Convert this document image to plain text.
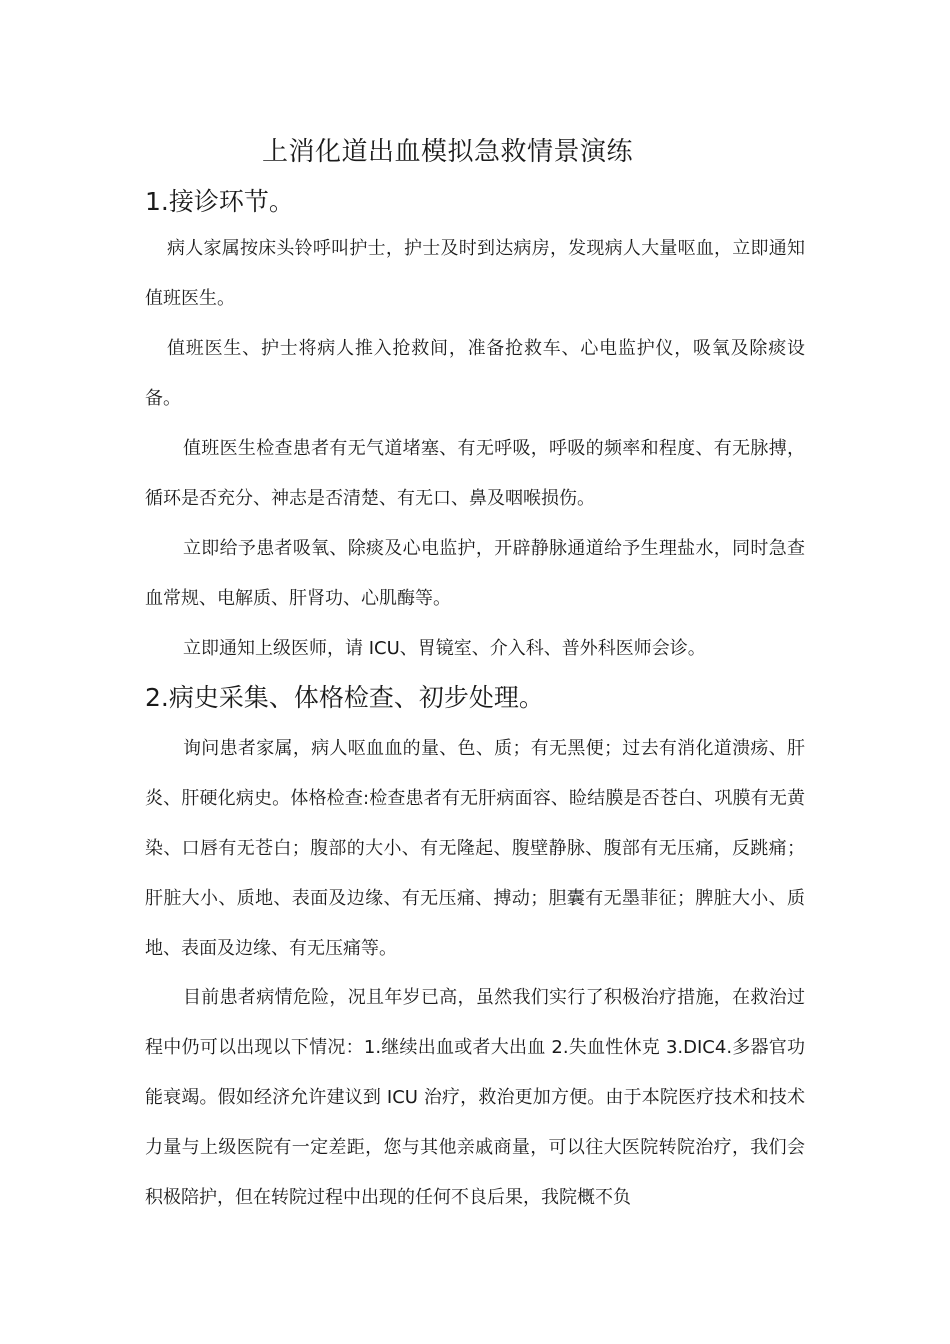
上消化道出血模拟急救情景演练
1.接诊环节。

病人家属按床头铃呼叫护士，护士及时到达病房，发现病人大量呕血，立即通知值班医生。

值班医生、护士将病人推入抢救间，准备抢救车、心电监护仪，吸氧及除痰设备。

值班医生检查患者有无气道堵塞、有无呼吸，呼吸的频率和程度、有无脉搏，循环是否充分、神志是否清楚、有无口、鼻及咽喉损伤。

立即给予患者吸氧、除痰及心电监护，开辟静脉通道给予生理盐水，同时急查血常规、电解质、肝肾功、心肌酶等。

立即通知上级医师，请 ICU、胃镜室、介入科、普外科医师会诊。

2.病史采集、体格检查、初步处理。

询问患者家属，病人呕血血的量、色、质；有无黑便；过去有消化道溃疡、肝炎、肝硬化病史。体格检查:检查患者有无肝病面容、睑结膜是否苍白、巩膜有无黄染、口唇有无苍白；腹部的大小、有无隆起、腹壁静脉、腹部有无压痛，反跳痛；肝脏大小、质地、表面及边缘、有无压痛、搏动；胆囊有无墨菲征；脾脏大小、质地、表面及边缘、有无压痛等。

目前患者病情危险，况且年岁已高，虽然我们实行了积极治疗措施，在救治过程中仍可以出现以下情况：1.继续出血或者大出血 2.失血性休克 3.DIC4.多器官功能衰竭。假如经济允许建议到 ICU 治疗，救治更加方便。由于本院医疗技术和技术力量与上级医院有一定差距，您与其他亲戚商量，可以往大医院转院治疗，我们会积极陪护，但在转院过程中出现的任何不良后果，我院概不负
